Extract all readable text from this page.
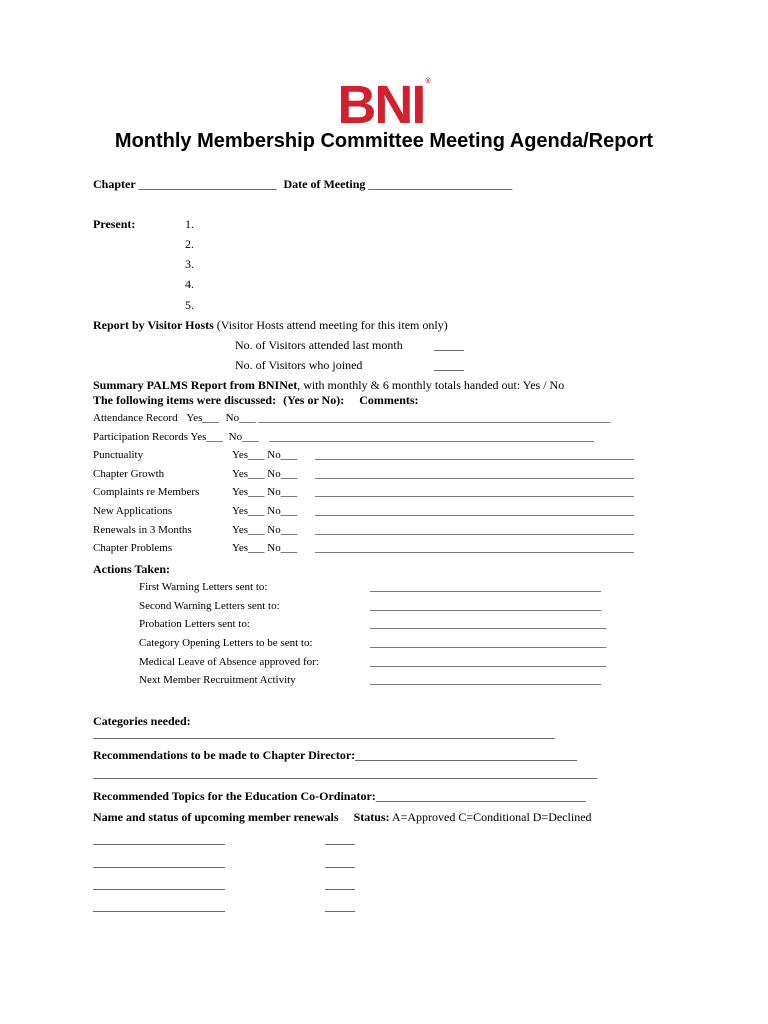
BNI®
Monthly Membership Committee Meeting Agenda/Report
Chapter _______________________ Date of Meeting ________________________
Present:	1.
2.
3.
4.
5.
Report by Visitor Hosts (Visitor Hosts attend meeting for this item only)
No. of Visitors attended last month	_____
No. of Visitors who joined	_____
Summary PALMS Report from BNINet, with monthly & 6 monthly totals handed out: Yes / No
The following items were discussed: (Yes or No): Comments:
Attendance Record Yes___ No___ ________________________________________________________________
Participation Records Yes___ No___ ___________________________________________________________
Punctuality	Yes___ No___ __________________________________________________________
Chapter Growth	Yes___ No___ __________________________________________________________
Complaints re Members	Yes___ No___ __________________________________________________________
New Applications	Yes___ No___ __________________________________________________________
Renewals in 3 Months	Yes___ No___ __________________________________________________________
Chapter Problems	Yes___ No___ __________________________________________________________
Actions Taken:
First Warning Letters sent to:	__________________________________________
Second Warning Letters sent to:	__________________________________________
Probation Letters sent to:	___________________________________________
Category Opening Letters to be sent to:	___________________________________________
Medical Leave of Absence approved for:	___________________________________________
Next Member Recruitment Activity	__________________________________________
Categories needed:
_____________________________________________________________________________
Recommendations to be made to Chapter Director:_____________________________________
____________________________________________________________________________________
Recommended Topics for the Education Co-Ordinator:___________________________________
Name and status of upcoming member renewals Status: A=Approved C=Conditional D=Declined
______________________	_____
______________________	_____
______________________	_____
______________________	_____
